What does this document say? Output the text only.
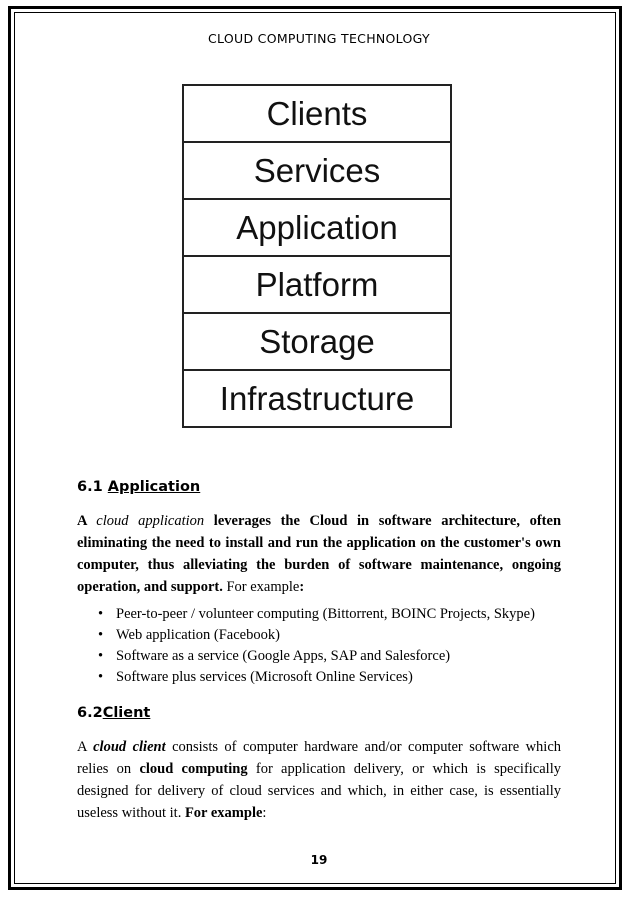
CLOUD COMPUTING TECHNOLOGY
Clients
Services
Application
Platform
Storage
Infrastructure
6.1 Application
A cloud application leverages the Cloud in software architecture, often eliminating the need to install and run the application on the customer's own computer, thus alleviating the burden of software maintenance, ongoing operation, and support. For example:
• Peer-to-peer / volunteer computing (Bittorrent, BOINC Projects, Skype)
• Web application (Facebook)
• Software as a service (Google Apps, SAP and Salesforce)
• Software plus services (Microsoft Online Services)
6.2Client
A cloud client consists of computer hardware and/or computer software which relies on cloud computing for application delivery, or which is specifically designed for delivery of cloud services and which, in either case, is essentially useless without it. For example:
19
